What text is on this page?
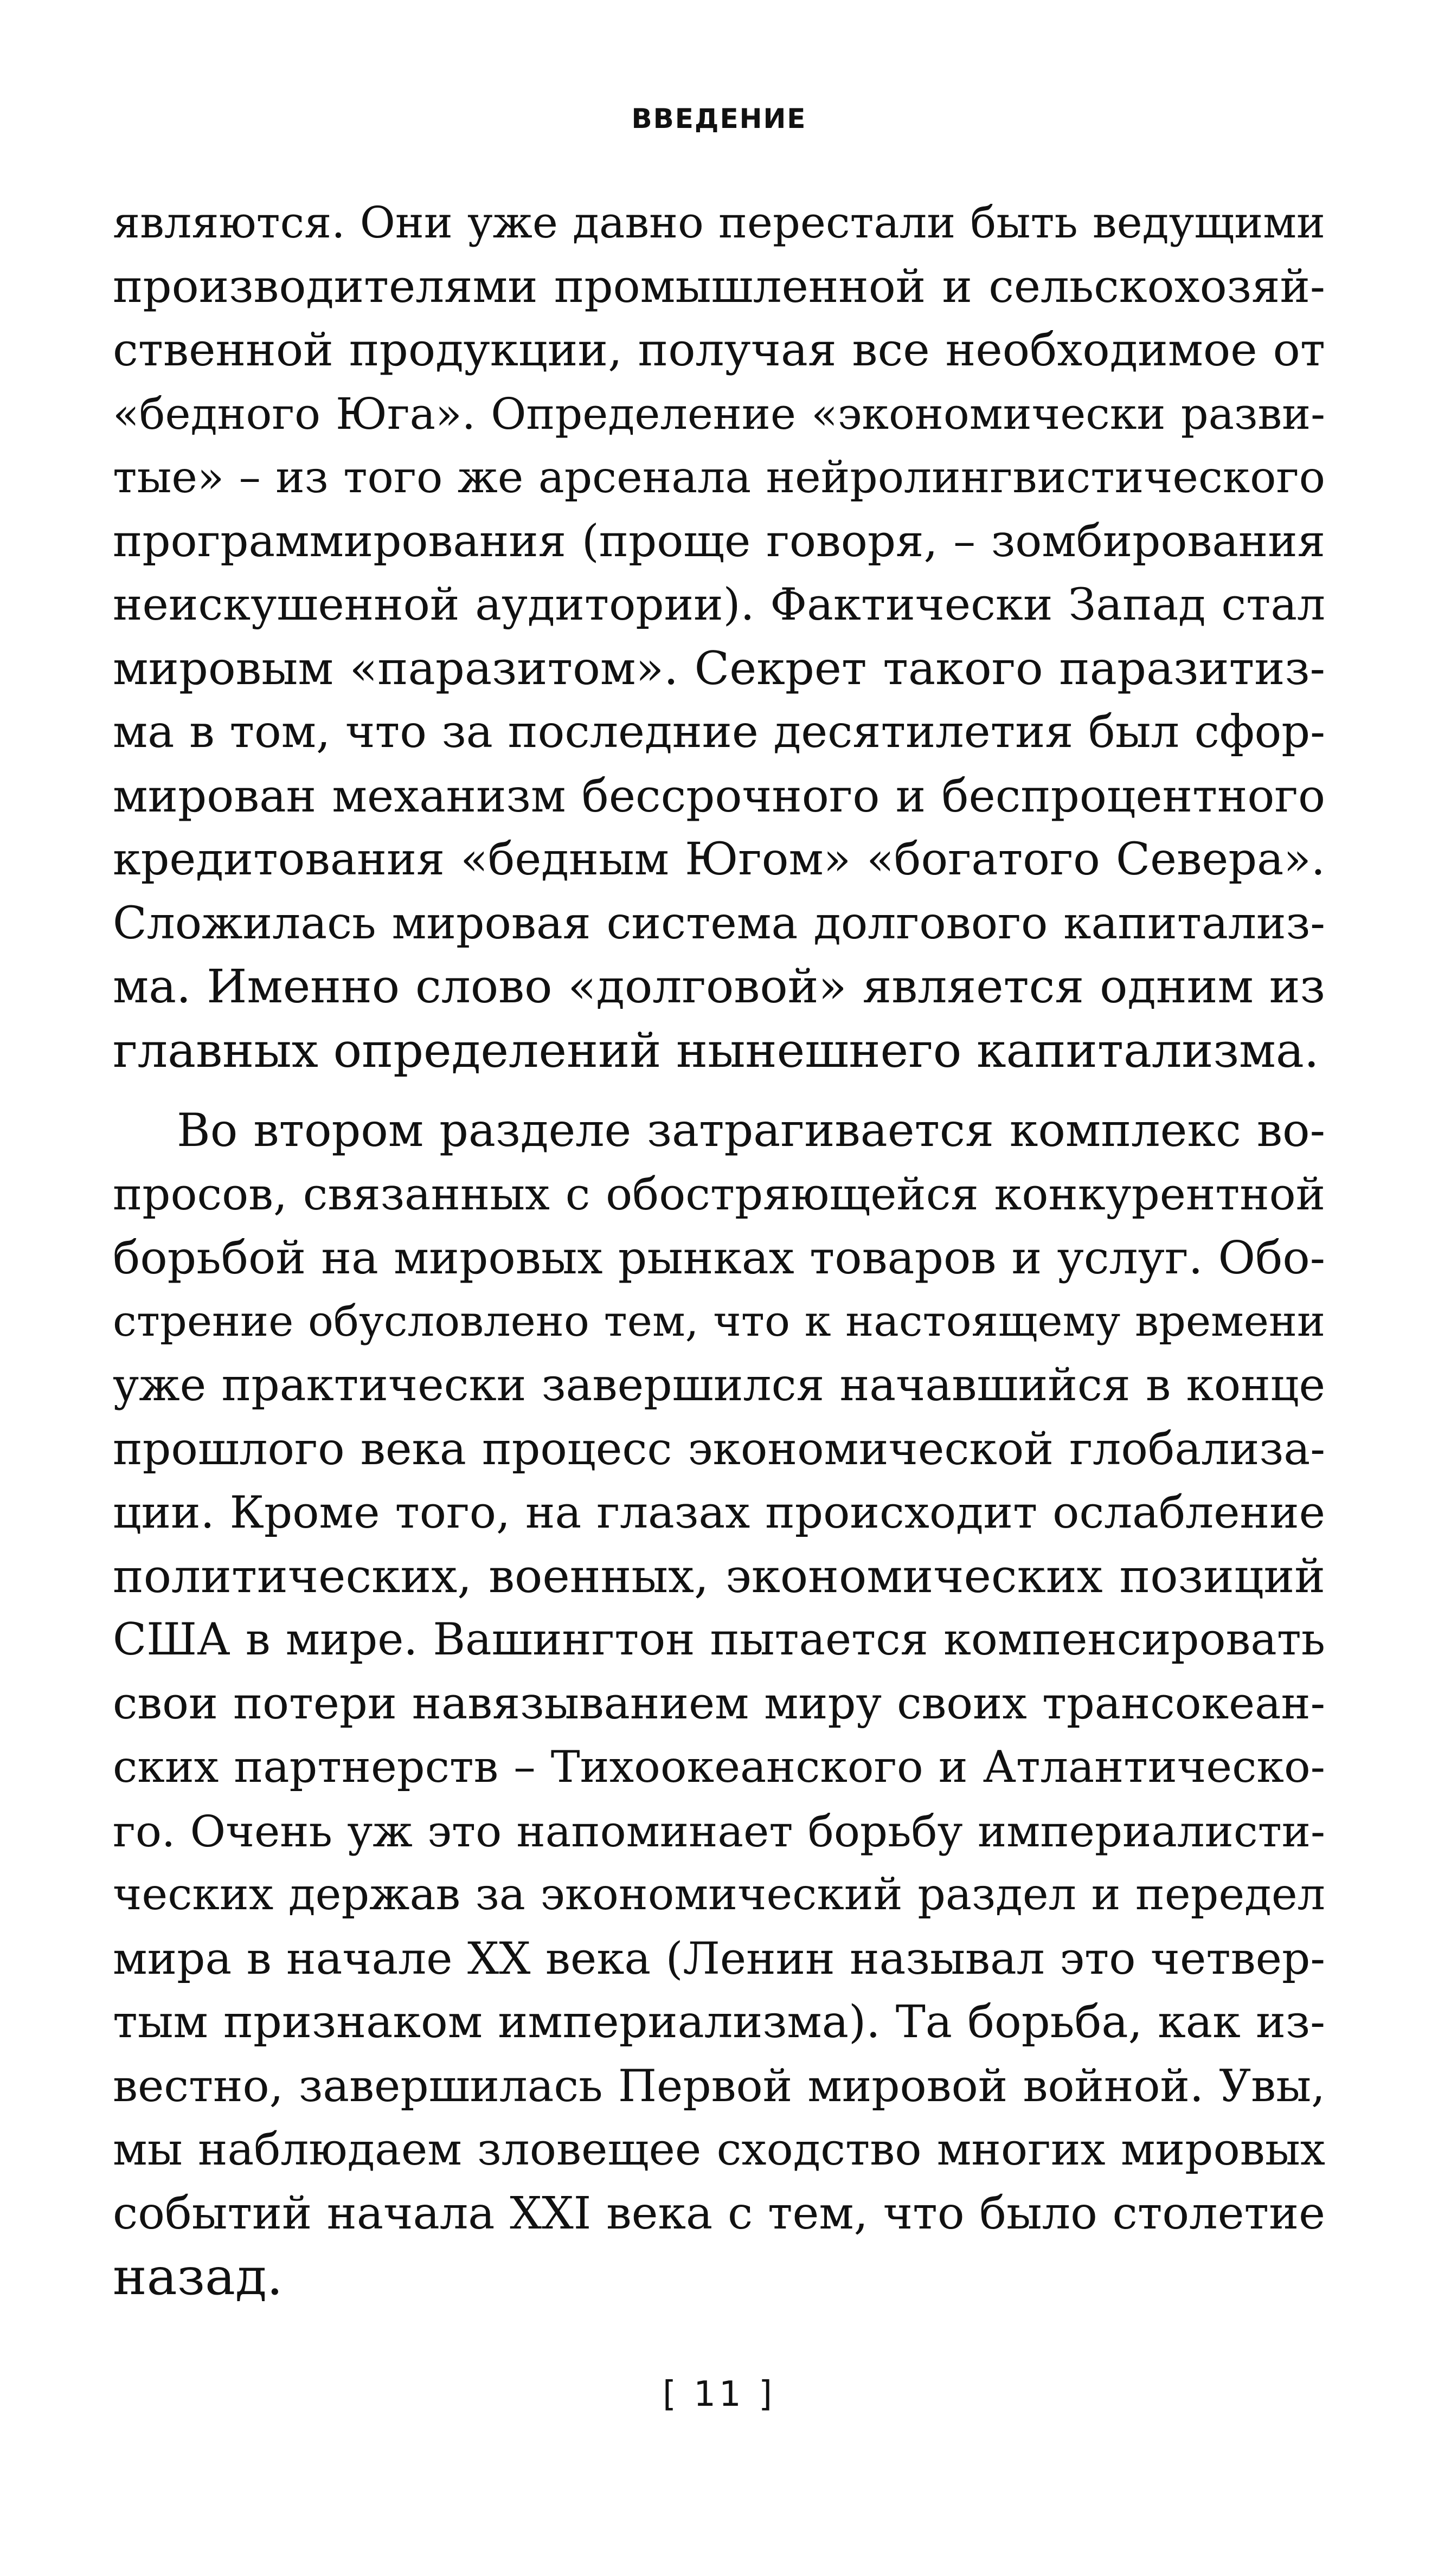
ВВЕДЕНИЕ
являются. Они уже давно перестали быть ведущими
производителями промышленной и сельскохозяй-
ственной продукции, получая все необходимое от
«бедного Юга». Определение «экономически разви-
тые» – из того же арсенала нейролингвистического
программирования (проще говоря, – зомбирования
неискушенной аудитории). Фактически Запад стал
мировым «паразитом». Секрет такого паразитиз-
ма в том, что за последние десятилетия был сфор-
мирован механизм бессрочного и беспроцентного
кредитования «бедным Югом» «богатого Севера».
Сложилась мировая система долгового капитализ-
ма. Именно слово «долговой» является одним из
главных определений нынешнего капитализма.
Во втором разделе затрагивается комплекс во-
просов, связанных с обостряющейся конкурентной
борьбой на мировых рынках товаров и услуг. Обо-
стрение обусловлено тем, что к настоящему времени
уже практически завершился начавшийся в конце
прошлого века процесс экономической глобализа-
ции. Кроме того, на глазах происходит ослабление
политических, военных, экономических позиций
США в мире. Вашингтон пытается компенсировать
свои потери навязыванием миру своих трансокеан-
ских партнерств – Тихоокеанского и Атлантическо-
го. Очень уж это напоминает борьбу империалисти-
ческих держав за экономический раздел и передел
мира в начале XX века (Ленин называл это четвер-
тым признаком империализма). Та борьба, как из-
вестно, завершилась Первой мировой войной. Увы,
мы наблюдаем зловещее сходство многих мировых
событий начала XXI века с тем, что было столетие
назад.
[ 11 ]
